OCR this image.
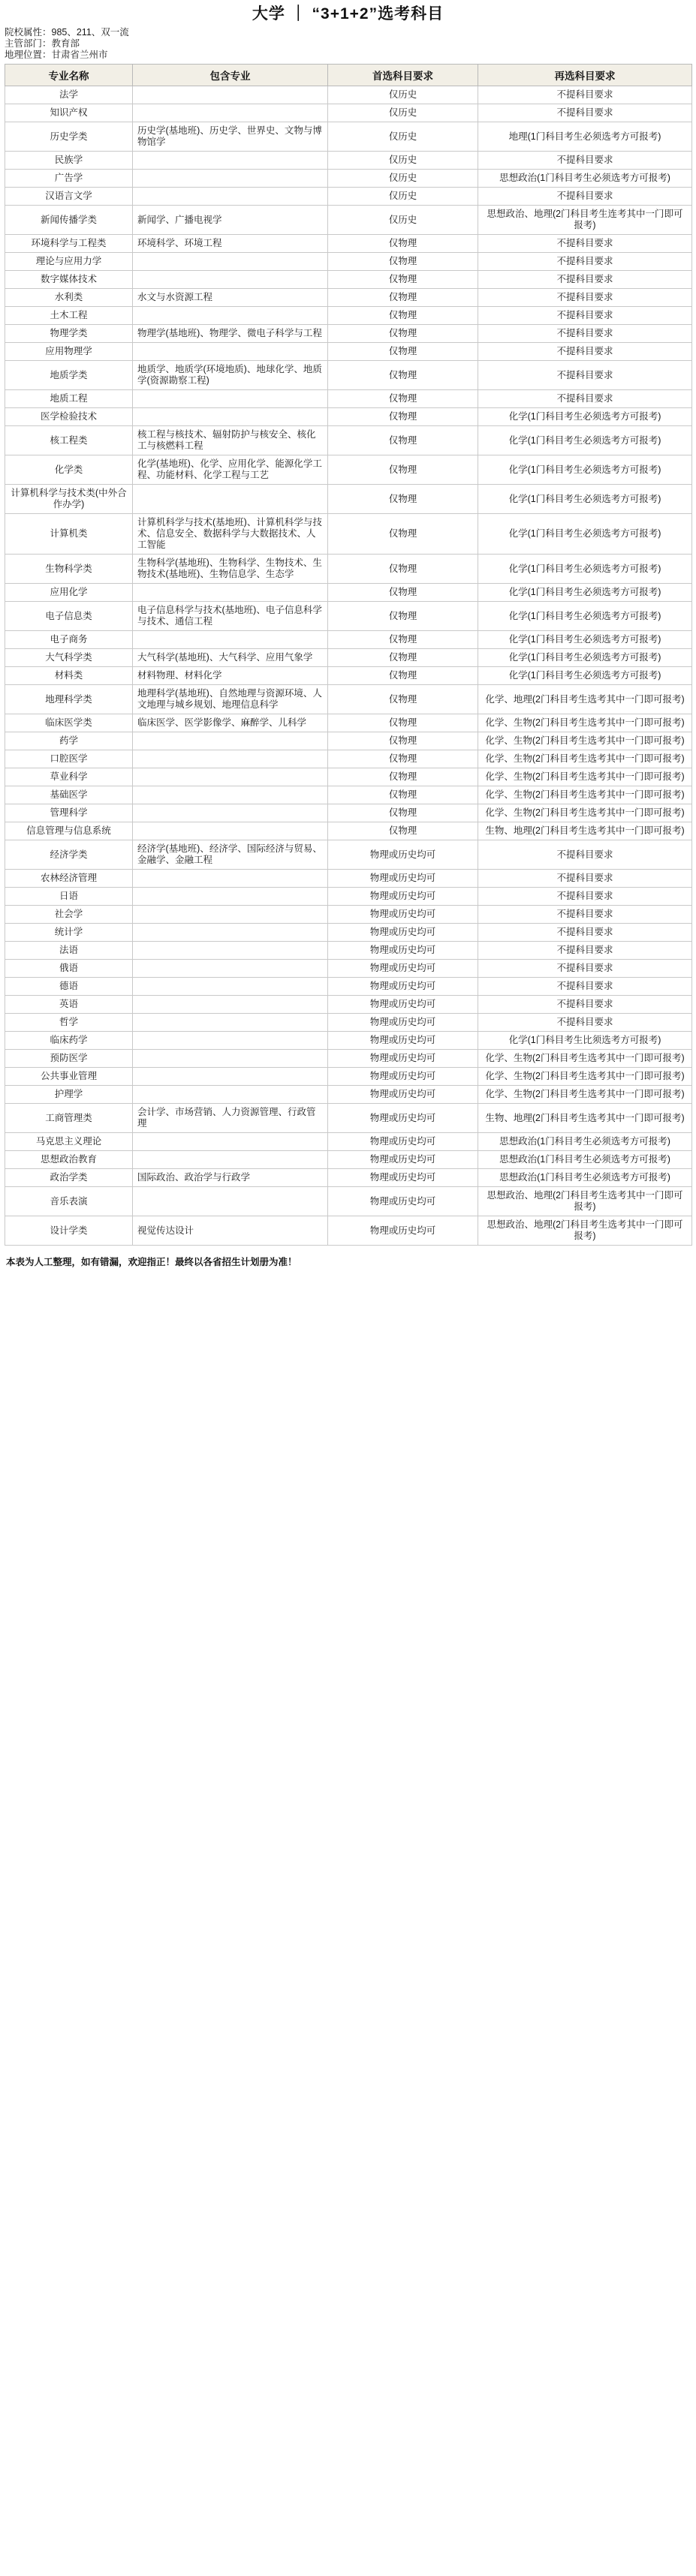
大学 ｜ “3+1+2”选考科目
院校属性：985、211、双一流
主管部门：教育部
地理位置：甘肃省兰州市
专业名称	包含专业	首选科目要求	再选科目要求
法学		仅历史	不提科目要求
知识产权		仅历史	不提科目要求
历史学类	历史学(基地班)、历史学、世界史、文物与博物馆学	仅历史	地理(1门科目考生必须选考方可报考)
民族学		仅历史	不提科目要求
广告学		仅历史	思想政治(1门科目考生必须选考方可报考)
汉语言文学		仅历史	不提科目要求
新闻传播学类	新闻学、广播电视学	仅历史	思想政治、地理(2门科目考生连考其中一门即可报考)
环境科学与工程类	环境科学、环境工程	仅物理	不提科目要求
理论与应用力学		仅物理	不提科目要求
数字媒体技术		仅物理	不提科目要求
水利类	水文与水资源工程	仅物理	不提科目要求
土木工程		仅物理	不提科目要求
物理学类	物理学(基地班)、物理学、微电子科学与工程	仅物理	不提科目要求
应用物理学		仅物理	不提科目要求
地质学类	地质学、地质学(环境地质)、地球化学、地质学(资源勘察工程)	仅物理	不提科目要求
地质工程		仅物理	不提科目要求
医学检验技术		仅物理	化学(1门科目考生必须选考方可报考)
核工程类	核工程与核技术、辐射防护与核安全、核化工与核燃料工程	仅物理	化学(1门科目考生必须选考方可报考)
化学类	化学(基地班)、化学、应用化学、能源化学工程、功能材料、化学工程与工艺	仅物理	化学(1门科目考生必须选考方可报考)
计算机科学与技术类(中外合作办学)		仅物理	化学(1门科目考生必须选考方可报考)
计算机类	计算机科学与技术(基地班)、计算机科学与技术、信息安全、数据科学与大数据技术、人工智能	仅物理	化学(1门科目考生必须选考方可报考)
生物科学类	生物科学(基地班)、生物科学、生物技术、生物技术(基地班)、生物信息学、生态学	仅物理	化学(1门科目考生必须选考方可报考)
应用化学		仅物理	化学(1门科目考生必须选考方可报考)
电子信息类	电子信息科学与技术(基地班)、电子信息科学与技术、通信工程	仅物理	化学(1门科目考生必须选考方可报考)
电子商务		仅物理	化学(1门科目考生必须选考方可报考)
大气科学类	大气科学(基地班)、大气科学、应用气象学	仅物理	化学(1门科目考生必须选考方可报考)
材料类	材料物理、材料化学	仅物理	化学(1门科目考生必须选考方可报考)
地理科学类	地理科学(基地班)、自然地理与资源环境、人文地理与城乡规划、地理信息科学	仅物理	化学、地理(2门科目考生选考其中一门即可报考)
临床医学类	临床医学、医学影像学、麻醉学、儿科学	仅物理	化学、生物(2门科目考生选考其中一门即可报考)
药学		仅物理	化学、生物(2门科目考生选考其中一门即可报考)
口腔医学		仅物理	化学、生物(2门科目考生选考其中一门即可报考)
草业科学		仅物理	化学、生物(2门科目考生选考其中一门即可报考)
基础医学		仅物理	化学、生物(2门科目考生选考其中一门即可报考)
管理科学		仅物理	化学、生物(2门科目考生选考其中一门即可报考)
信息管理与信息系统		仅物理	生物、地理(2门科目考生选考其中一门即可报考)
经济学类	经济学(基地班)、经济学、国际经济与贸易、金融学、金融工程	物理或历史均可	不提科目要求
农林经济管理		物理或历史均可	不提科目要求
日语		物理或历史均可	不提科目要求
社会学		物理或历史均可	不提科目要求
统计学		物理或历史均可	不提科目要求
法语		物理或历史均可	不提科目要求
俄语		物理或历史均可	不提科目要求
德语		物理或历史均可	不提科目要求
英语		物理或历史均可	不提科目要求
哲学		物理或历史均可	不提科目要求
临床药学		物理或历史均可	化学(1门科目考生比须选考方可报考)
预防医学		物理或历史均可	化学、生物(2门科目考生选考其中一门即可报考)
公共事业管理		物理或历史均可	化学、生物(2门科目考生选考其中一门即可报考)
护理学		物理或历史均可	化学、生物(2门科目考生选考其中一门即可报考)
工商管理类	会计学、市场营销、人力资源管理、行政管理	物理或历史均可	生物、地理(2门科目考生选考其中一门即可报考)
马克思主义理论		物理或历史均可	思想政治(1门科目考生必须选考方可报考)
思想政治教育		物理或历史均可	思想政治(1门科目考生必须选考方可报考)
政治学类	国际政治、政治学与行政学	物理或历史均可	思想政治(1门科目考生必须选考方可报考)
音乐表演		物理或历史均可	思想政治、地理(2门科目考生选考其中一门即可报考)
设计学类	视觉传达设计	物理或历史均可	思想政治、地理(2门科目考生选考其中一门即可报考)
本表为人工整理，如有错漏，欢迎指正！最终以各省招生计划册为准！
